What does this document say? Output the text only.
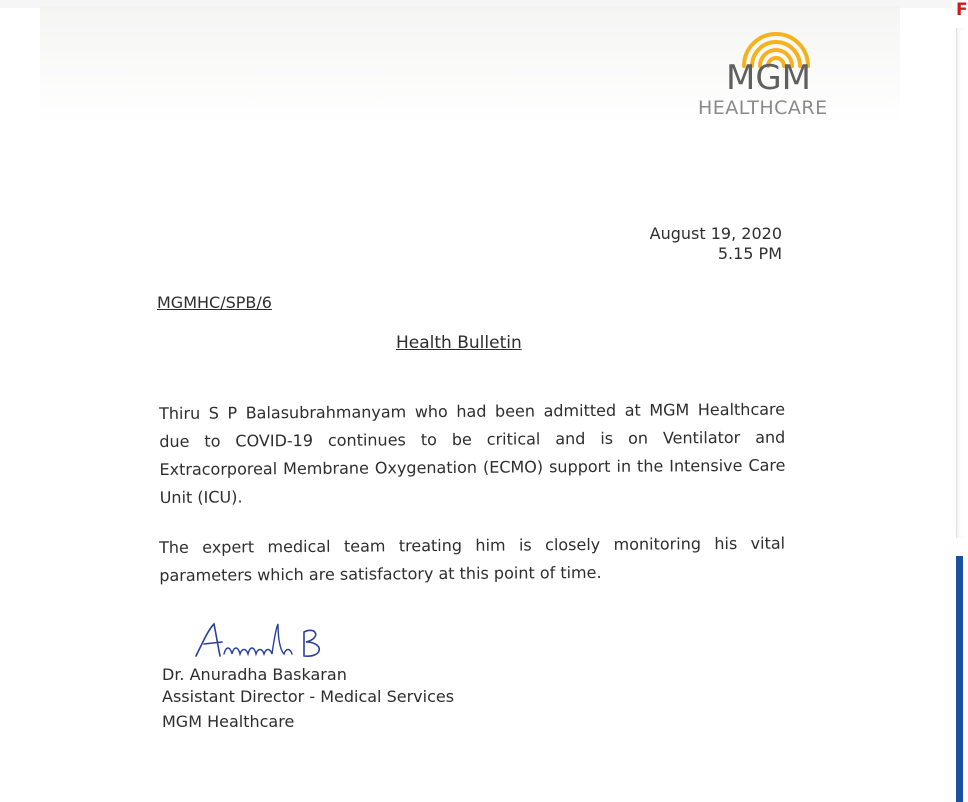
MGM
HEALTHCARE
August 19, 2020
5.15 PM
MGMHC/SPB/6
Health Bulletin
Thiru S P Balasubrahmanyam who had been admitted at MGM Healthcare due to COVID-19 continues to be critical and is on Ventilator and Extracorporeal Membrane Oxygenation (ECMO) support in the Intensive Care Unit (ICU).
The expert medical team treating him is closely monitoring his vital parameters which are satisfactory at this point of time.
Dr. Anuradha Baskaran
Assistant Director - Medical Services
MGM Healthcare
F
